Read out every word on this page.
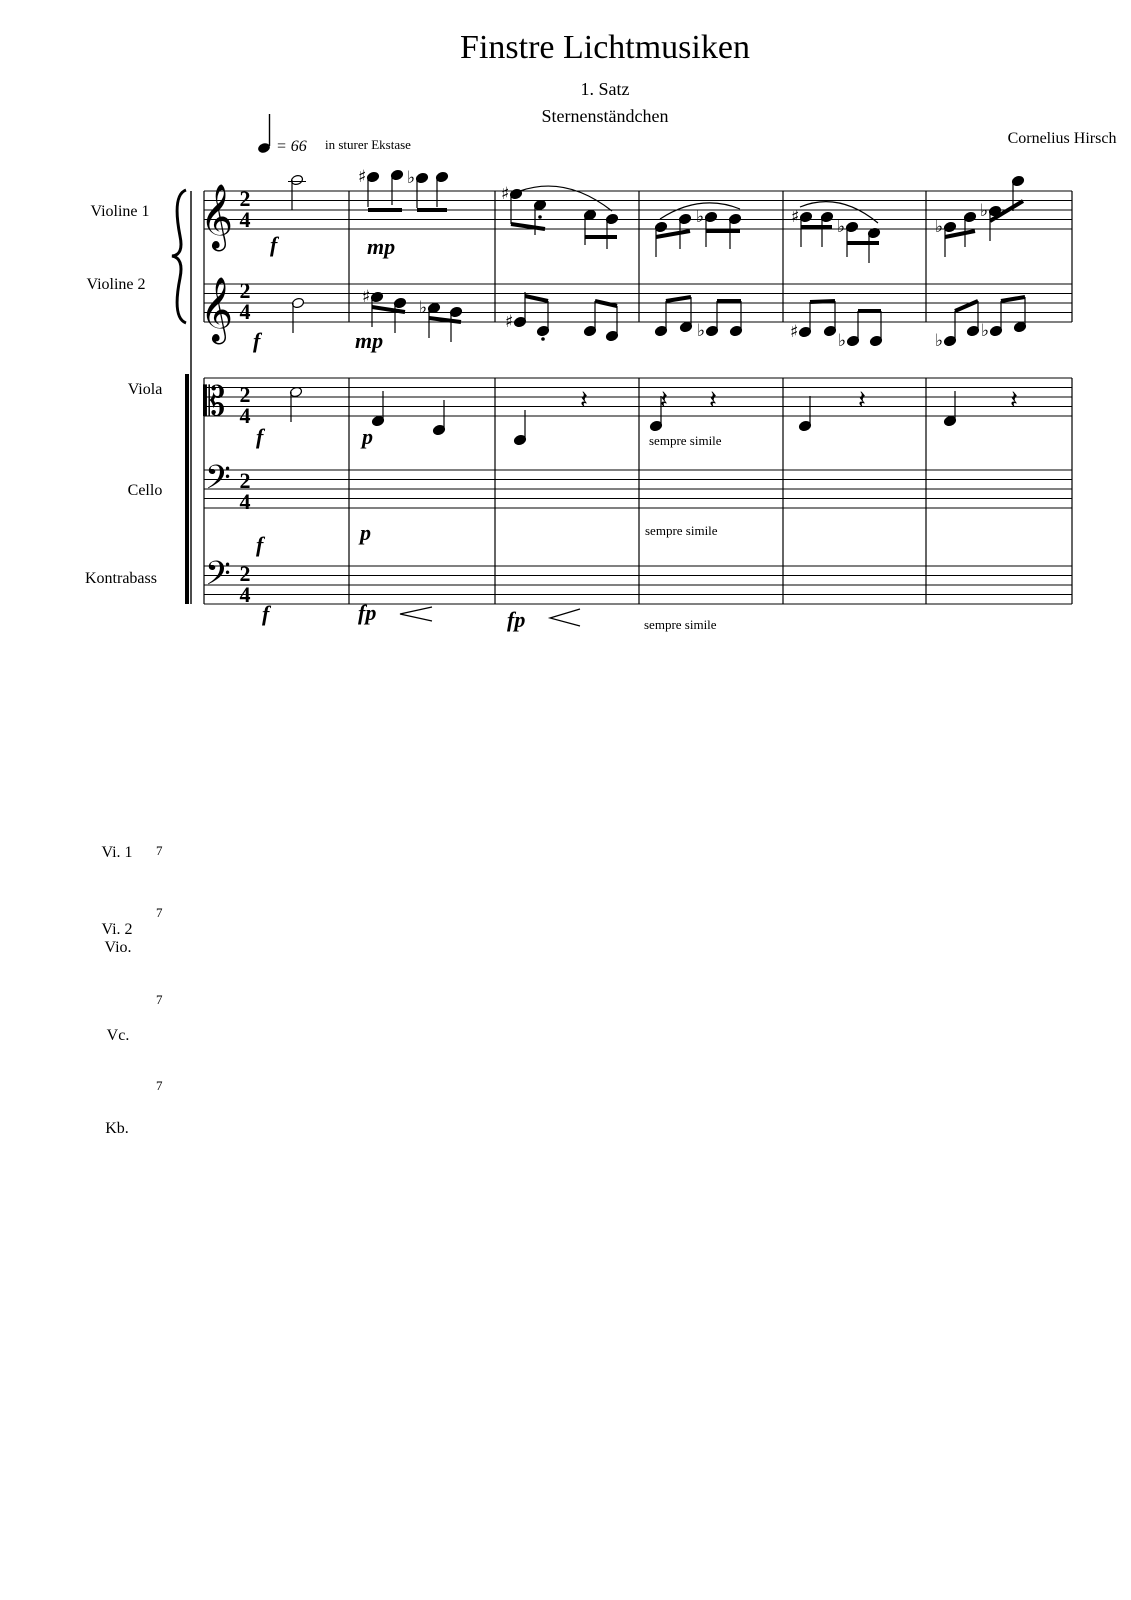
Finstre Lichtmusiken
1. Satz
Sternenständchen
Cornelius Hirsch
= 66 in sturer Ekstase
Violine 1
Violine 2
Viola
Cello
Kontrabass
Vi. 1
Vi. 2
Vio.
Vc.
Kb.
7
7
7
7
f	mp
f	mp
f	p
f	p
f	fp	fp
sempre simile
sempre simile
sempre simile
2
4
2
4
2
4
2
4
2
4
𝄞
𝄞
𝄡
𝄢
𝄢
♯ ♭
♯
♭	♯ ♭	♭
♭
♯
♭
♯	♭	♯ ♭	♭ ♭
𝄽	𝄽	𝄽	𝄽
𝄽
